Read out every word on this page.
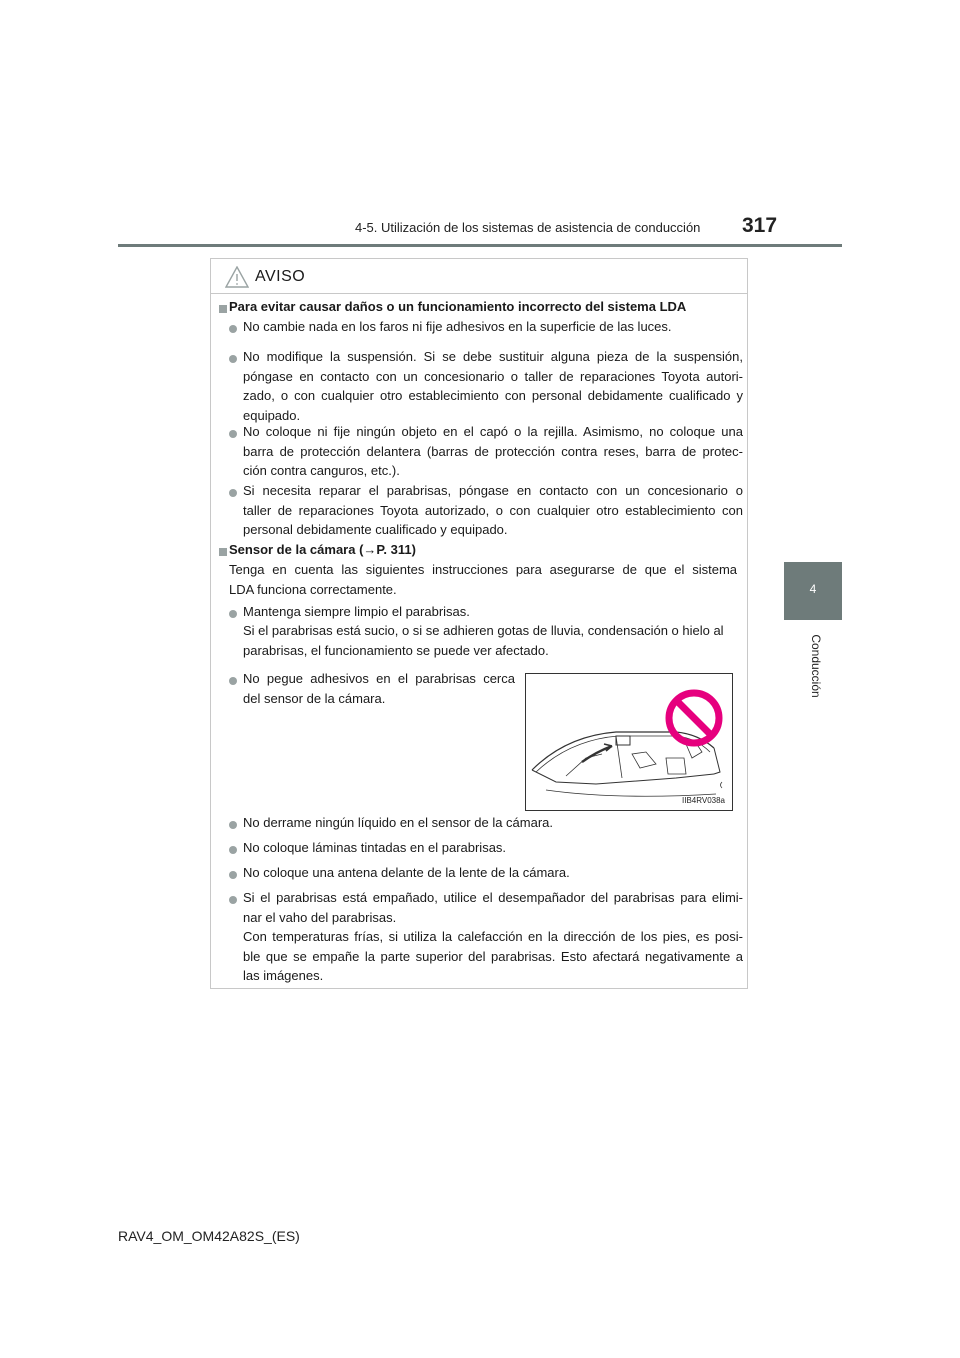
4-5. Utilización de los sistemas de asistencia de conducción 317
4
Conducción
AVISO
Para evitar causar daños o un funcionamiento incorrecto del sistema LDA
No cambie nada en los faros ni fije adhesivos en la superficie de las luces.
No modifique la suspensión. Si se debe sustituir alguna pieza de la suspensión,
póngase en contacto con un concesionario o taller de reparaciones Toyota autori-
zado, o con cualquier otro establecimiento con personal debidamente cualificado y
equipado.
No coloque ni fije ningún objeto en el capó o la rejilla. Asimismo, no coloque una
barra de protección delantera (barras de protección contra reses, barra de protec-
ción contra canguros, etc.).
Si necesita reparar el parabrisas, póngase en contacto con un concesionario o
taller de reparaciones Toyota autorizado, o con cualquier otro establecimiento con
personal debidamente cualificado y equipado.
Sensor de la cámara (→P. 311)
Tenga en cuenta las siguientes instrucciones para asegurarse de que el sistema
LDA funciona correctamente.
Mantenga siempre limpio el parabrisas.
Si el parabrisas está sucio, o si se adhieren gotas de lluvia, condensación o hielo al
parabrisas, el funcionamiento se puede ver afectado.
No pegue adhesivos en el parabrisas cerca
del sensor de la cámara.
IIB4RV038a
No derrame ningún líquido en el sensor de la cámara.
No coloque láminas tintadas en el parabrisas.
No coloque una antena delante de la lente de la cámara.
Si el parabrisas está empañado, utilice el desempañador del parabrisas para elimi-
nar el vaho del parabrisas.
Con temperaturas frías, si utiliza la calefacción en la dirección de los pies, es posi-
ble que se empañe la parte superior del parabrisas. Esto afectará negativamente a
las imágenes.
RAV4_OM_OM42A82S_(ES)
